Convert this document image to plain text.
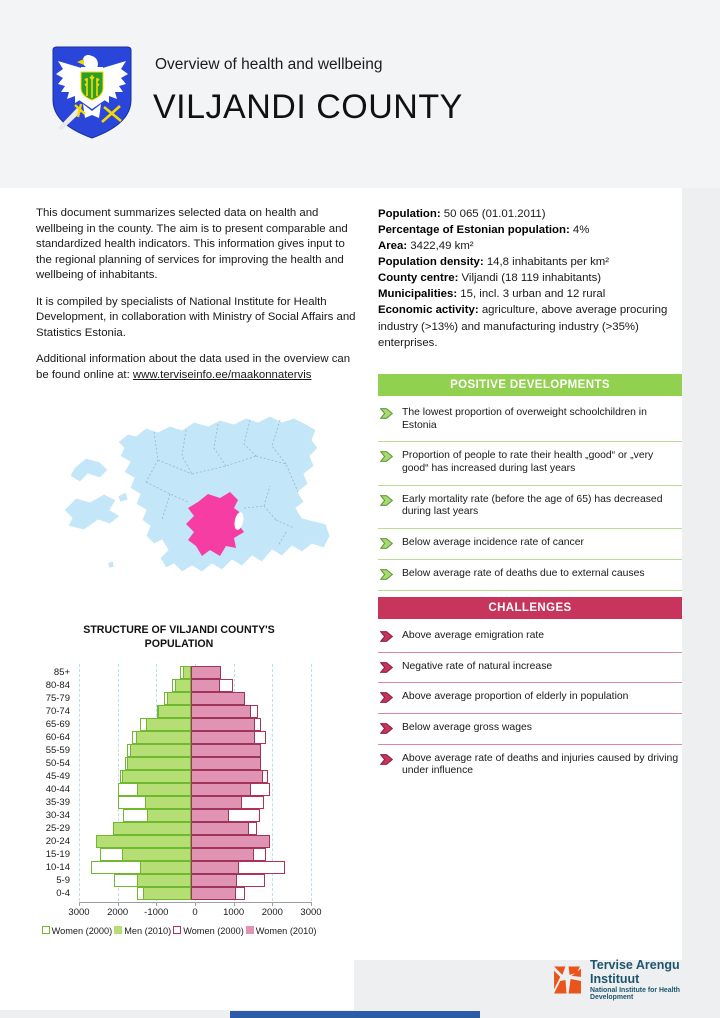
Overview of health and wellbeing
VILJANDI COUNTY

This document summarizes selected data on health and wellbeing in the county. The aim is to present comparable and standardized health indicators. This information gives input to the regional planning of services for improving the health and wellbeing of inhabitants.

It is compiled by specialists of National Institute for Health Development, in collaboration with Ministry of Social Affairs and Statistics Estonia.

Additional information about the data used in the overview can be found online at: www.terviseinfo.ee/maakonnatervis

Population: 50 065 (01.01.2011)
Percentage of Estonian population: 4%
Area: 3422,49 km²
Population density: 14,8 inhabitants per km²
County centre: Viljandi (18 119 inhabitants)
Municipalities: 15, incl. 3 urban and 12 rural
Economic activity: agriculture, above average procuring industry (>13%) and manufacturing industry (>35%) enterprises.
POSITIVE DEVELOPMENTS
The lowest proportion of overweight schoolchildren in Estonia
Proportion of people to rate their health „good“ or „very good“ has increased during last years
Early mortality rate (before the age of 65) has decreased during last years
Below average incidence rate of cancer
Below average rate of deaths due to external causes
CHALLENGES
Above average emigration rate
Negative rate of natural increase
Above average proportion of elderly in population
Below average gross wages
Above average rate of deaths and injuries caused by driving under influence
STRUCTURE OF VILJANDI COUNTY'S POPULATION
85+
80-84
75-79
70-74
65-69
60-64
55-59
50-54
45-49
40-44
35-39
30-34
25-29
20-24
15-19
10-14
5-9
0-4
3000 2000 -1000	0	1000 2000 3000
Women (2000)	Men (2010)	Women (2000)	Women (2010)
Tervise Arengu Instituut
National Institute for Health Development
